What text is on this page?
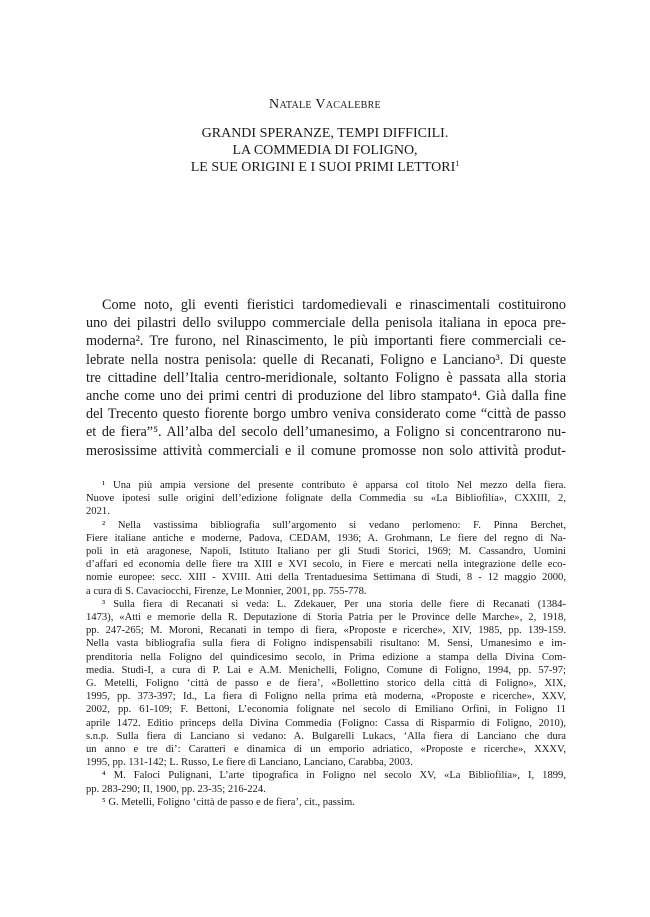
Natale Vacalebre
GRANDI SPERANZE, TEMPI DIFFICILI.
LA COMMEDIA DI FOLIGNO,
LE SUE ORIGINI E I SUOI PRIMI LETTORI$^1$
Come noto, gli eventi fieristici tardomedievali e rinascimentali costituirono
uno dei pilastri dello sviluppo commerciale della penisola italiana in epoca pre-
moderna². Tre furono, nel Rinascimento, le più importanti fiere commerciali ce-
lebrate nella nostra penisola: quelle di Recanati, Foligno e Lanciano³. Di queste
tre cittadine dell’Italia centro-meridionale, soltanto Foligno è passata alla storia
anche come uno dei primi centri di produzione del libro stampato⁴. Già dalla fine
del Trecento questo fiorente borgo umbro veniva considerato come “città de passo
et de fiera”⁵. All’alba del secolo dell’umanesimo, a Foligno si concentrarono nu-
merosissime attività commerciali e il comune promosse non solo attività produt-
¹ Una più ampia versione del presente contributo è apparsa col titolo Nel mezzo della fiera.
Nuove ipotesi sulle origini dell’edizione folignate della Commedia su «La Bibliofilía», CXXIII, 2,
2021.
² Nella vastissima bibliografia sull’argomento si vedano perlomeno: F. Pinna Berchet,
Fiere italiane antiche e moderne, Padova, CEDAM, 1936; A. Grohmann, Le fiere del regno di Na-
poli in età aragonese, Napoli, Istituto Italiano per gli Studi Storici, 1969; M. Cassandro, Uomini
d’affari ed economia delle fiere tra XIII e XVI secolo, in Fiere e mercati nella integrazione delle eco-
nomie europee: secc. XIII - XVIII. Atti della Trentaduesima Settimana di Studi, 8 - 12 maggio 2000,
a cura di S. Cavaciocchi, Firenze, Le Monnier, 2001, pp. 755-778.
³ Sulla fiera di Recanati si veda: L. Zdekauer, Per una storia delle fiere di Recanati (1384-
1473), «Atti e memorie della R. Deputazione di Storia Patria per le Province delle Marche», 2, 1918,
pp. 247-265; M. Moroni, Recanati in tempo di fiera, «Proposte e ricerche», XIV, 1985, pp. 139-159.
Nella vasta bibliografia sulla fiera di Foligno indispensabili risultano: M. Sensi, Umanesimo e im-
prenditoria nella Foligno del quindicesimo secolo, in Prima edizione a stampa della Divina Com-
media. Studi-I, a cura di P. Lai e A.M. Menichelli, Foligno, Comune di Foligno, 1994, pp. 57-97;
G. Metelli, Foligno ‘città de passo e de fiera’, «Bollettino storico della città di Foligno», XIX,
1995, pp. 373-397; Id., La fiera di Foligno nella prima età moderna, «Proposte e ricerche», XXV,
2002, pp. 61-109; F. Bettoni, L’economia folignate nel secolo di Emiliano Orfini, in Foligno 11
aprile 1472. Editio princeps della Divina Commedia (Foligno: Cassa di Risparmio di Foligno, 2010),
s.n.p. Sulla fiera di Lanciano si vedano: A. Bulgarelli Lukacs, ‘Alla fiera di Lanciano che dura
un anno e tre dì’: Caratteri e dinamica di un emporio adriatico, «Proposte e ricerche», XXXV,
1995, pp. 131-142; L. Russo, Le fiere di Lanciano, Lanciano, Carabba, 2003.
⁴ M. Faloci Pulignani, L’arte tipografica in Foligno nel secolo XV, «La Bibliofilía», I, 1899,
pp. 283-290; II, 1900, pp. 23-35; 216-224.
⁵ G. Metelli, Foligno ‘città de passo e de fiera’, cit., passim.
